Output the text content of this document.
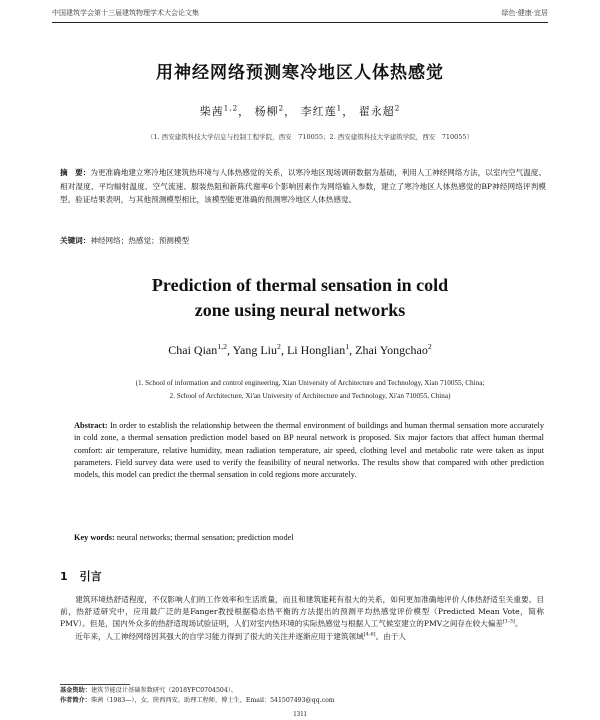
中国建筑学会第十三届建筑物理学术大会论文集	绿色·健康·宜居
用神经网络预测寒冷地区人体热感觉
柴茜$^{1,2}$， 杨柳$^2$， 李红莲$^1$， 翟永超$^2$
（1. 西安建筑科技大学信息与控制工程学院，西安　710055；2. 西安建筑科技大学建筑学院，西安　710055）
摘　要：为更准确地建立寒冷地区建筑热环境与人体热感觉的关系，以寒冷地区现场调研数据为基础，利用人工神经网络方法，以室内空气温度、相对湿度、平均辐射温度、空气流速、服装热阻和新陈代谢率6个影响因素作为网络输入参数，建立了寒冷地区人体热感觉的BP神经网络评判模型。验证结果表明，与其他预测模型相比，该模型能更准确的预测寒冷地区人体热感觉。
关键词：神经网络；热感觉；预测模型
Prediction of thermal sensation in cold
zone using neural networks
Chai Qian$^{1,2}$, Yang Liu$^2$, Li Honglian$^1$, Zhai Yongchao$^2$
(1. School of information and control engineering, Xian University of Architecture and Technology, Xian 710055, China;
2. School of Architecture, Xi'an University of Architecture and Technology, Xi'an 710055, China)
Abstract: In order to establish the relationship between the thermal environment of buildings and human thermal sensation more accurately in cold zone, a thermal sensation prediction model based on BP neural network is proposed. Six major factors that affect human thermal comfort: air temperature, relative humidity, mean radiation temperature, air speed, clothing level and metabolic rate were taken as input parameters. Field survey data were used to verify the feasibility of neural networks. The results show that compared with other prediction models, this model can predict the thermal sensation in cold regions more accurately.
Key words: neural networks; thermal sensation; prediction model
1 引言

建筑环境热舒适程度，不仅影响人们的工作效率和生活质量，而且和建筑能耗有很大的关系，如何更加准确地评价人体热舒适至关重要。目前，热舒适研究中，应用最广泛的是Fanger教授根据稳态热平衡的方法提出的预测平均热感觉评价模型（Predicted Mean Vote，简称PMV）。但是，国内外众多的热舒适现场试验证明，人们对室内热环境的实际热感觉与根据人工气候室建立的PMV之间存在较大偏差[1-3]。

近年来，人工神经网络因其强大的自学习能力得到了很大的关注并逐渐应用于建筑领域[4-6]。由于人

基金资助：建筑节能设计基础参数研究（2018YFC0704504）。
作者简介：柴茜（1983—），女，陕西西安，助理工程师，博士生，Email：541507493@qq.com
1311
